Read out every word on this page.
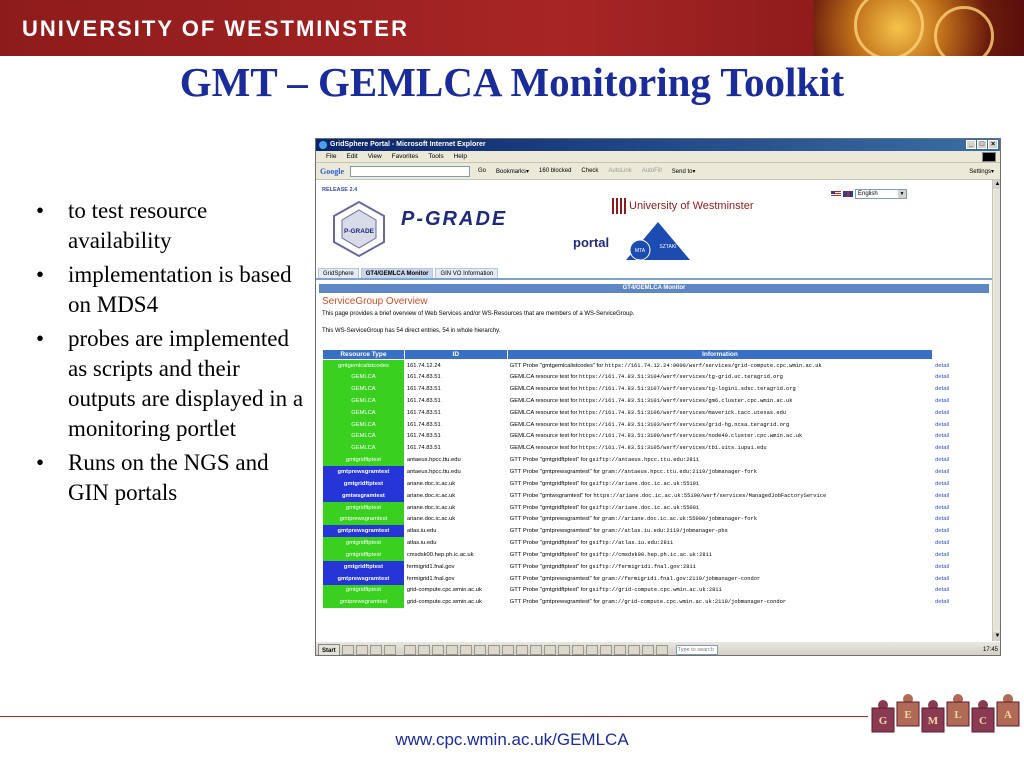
UNIVERSITY OF WESTMINSTER
GMT – GEMLCA Monitoring Toolkit
• to test resource availability
• implementation is based on MDS4
• probes are implemented as scripts and their outputs are displayed in a monitoring portlet
• Runs on the NGS and GIN portals
GridSphere Portal - Microsoft Internet Explorer	_ □ ×
File Edit View Favorites Tools Help
Google	Go	Bookmarks▾	160 blocked	Check	AutoLink	AutoFill	Send to▾	Settings▾
RELEASE 2.4
English	▼
P-GRADE
P-GRADE
portal
University of Westminster
MTA
SZTAKI
GridSphere	GT4/GEMLCA Monitor	GIN VO Information
GT4/GEMLCA Monitor
ServiceGroup Overview
This page provides a brief overview of Web Services and/or WS-Resources that are members of a WS-ServiceGroup.
This WS-ServiceGroup has 54 direct entries, 54 in whole hierarchy.
Resource Type	ID	Information	
gmtgemlcalistcodes	161.74.12.24	GTT Probe "gmtgemlcalistcodes" for https://161.74.12.24:9000/wsrf/services/grid-compute.cpc.wmin.ac.uk	detail
GEMLCA	161.74.83.51	GEMLCA resource test for https://161.74.83.51:3104/wsrf/services/tg-grid.uc.teragrid.org	detail
GEMLCA	161.74.83.51	GEMLCA resource test for https://161.74.83.51:3107/wsrf/services/tg-login1.sdsc.teragrid.org	detail
GEMLCA	161.74.83.51	GEMLCA resource test for https://161.74.83.51:3101/wsrf/services/gm6.cluster.cpc.wmin.ac.uk	detail
GEMLCA	161.74.83.51	GEMLCA resource test for https://161.74.83.51:3106/wsrf/services/maverick.tacc.utexas.edu	detail
GEMLCA	161.74.83.51	GEMLCA resource test for https://161.74.83.51:3103/wsrf/services/grid-hg.ncsa.teragrid.org	detail
GEMLCA	161.74.83.51	GEMLCA resource test for https://161.74.83.51:3100/wsrf/services/node40.cluster.cpc.wmin.ac.uk	detail
GEMLCA	161.74.83.51	GEMLCA resource test for https://161.74.83.51:3105/wsrf/services/tb1.uits.iupui.edu	detail
gmtgridftptest	antaeus.hpcc.ttu.edu	GTT Probe "gmtgridftptest" for gsiftp://antaeus.hpcc.ttu.edu:2811	detail
gmtprewsgramtest	antaeus.hpcc.ttu.edu	GTT Probe "gmtprewsgramtest" for gram://antaeus.hpcc.ttu.edu:2119/jobmanager-fork	detail
gmtgridftptest	ariane.doc.ic.ac.uk	GTT Probe "gmtgridftptest" for gsiftp://ariane.doc.ic.ac.uk:55101	detail
gmtwsgramtest	ariane.doc.ic.ac.uk	GTT Probe "gmtwsgramtest" for https://ariane.doc.ic.ac.uk:55100/wsrf/services/ManagedJobFactoryService	detail
gmtgridftptest	ariane.doc.ic.ac.uk	GTT Probe "gmtgridftptest" for gsiftp://ariane.doc.ic.ac.uk:55001	detail
gmtprewsgramtest	ariane.doc.ic.ac.uk	GTT Probe "gmtprewsgramtest" for gram://ariane.doc.ic.ac.uk:55000/jobmanager-fork	detail
gmtprewsgramtest	atlas.iu.edu	GTT Probe "gmtprewsgramtest" for gram://atlas.iu.edu:2119/jobmanager-pbs	detail
gmtgridftptest	atlas.iu.edu	GTT Probe "gmtgridftptest" for gsiftp://atlas.iu.edu:2811	detail
gmtgridftptest	cmsdsk00.hep.ph.ic.ac.uk	GTT Probe "gmtgridftptest" for gsiftp://cmsdsk00.hep.ph.ic.ac.uk:2811	detail
gmtgridftptest	fermigrid1.fnal.gov	GTT Probe "gmtgridftptest" for gsiftp://fermigrid1.fnal.gov:2811	detail
gmtprewsgramtest	fermigrid1.fnal.gov	GTT Probe "gmtprewsgramtest" for gram://fermigrid1.fnal.gov:2119/jobmanager-condor	detail
gmtgridftptest	grid-compute.cpc.wmin.ac.uk	GTT Probe "gmtgridftptest" for gsiftp://grid-compute.cpc.wmin.ac.uk:2811	detail
gmtprewsgramtest	grid-compute.cpc.wmin.ac.uk	GTT Probe "gmtprewsgramtest" for gram://grid-compute.cpc.wmin.ac.uk:2119/jobmanager-condor	detail
▲
▼
Start	Type to search	17:45
www.cpc.wmin.ac.uk/GEMLCA
G E M L C A
